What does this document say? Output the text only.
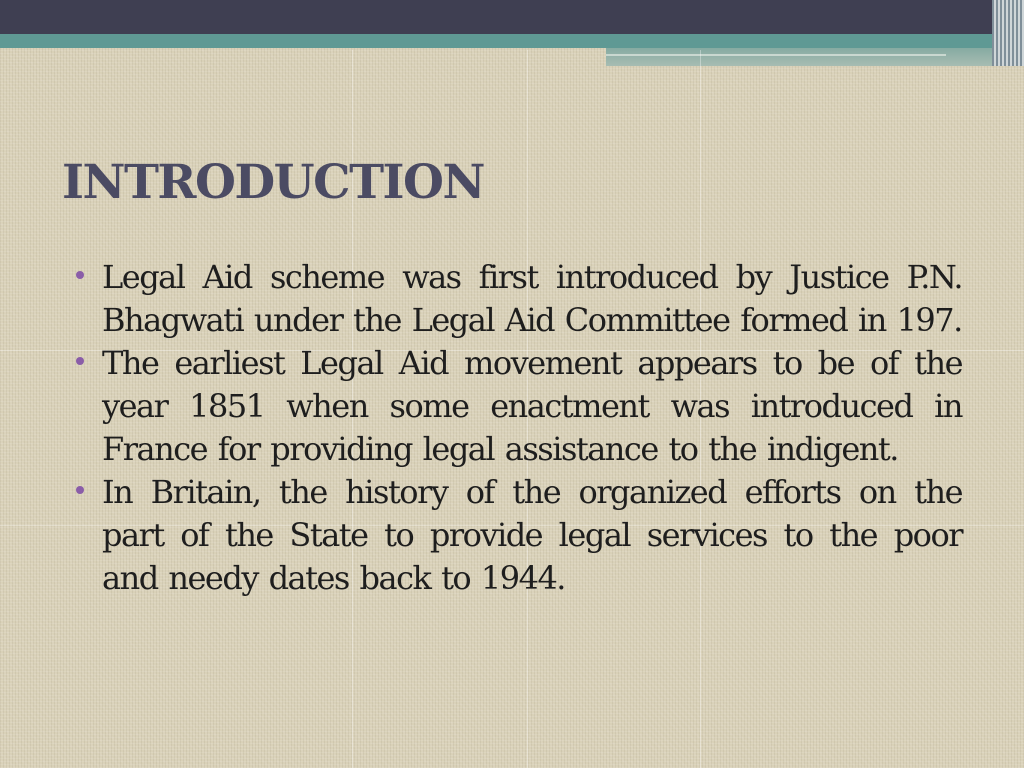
INTRODUCTION
Legal Aid scheme was first introduced by Justice P.N. Bhagwati under the Legal Aid Committee formed in 197.
The earliest Legal Aid movement appears to be of the year 1851 when some enactment was introduced in France for providing legal assistance to the indigent.
In Britain, the history of the organized efforts on the part of the State to provide legal services to the poor and needy dates back to 1944.
